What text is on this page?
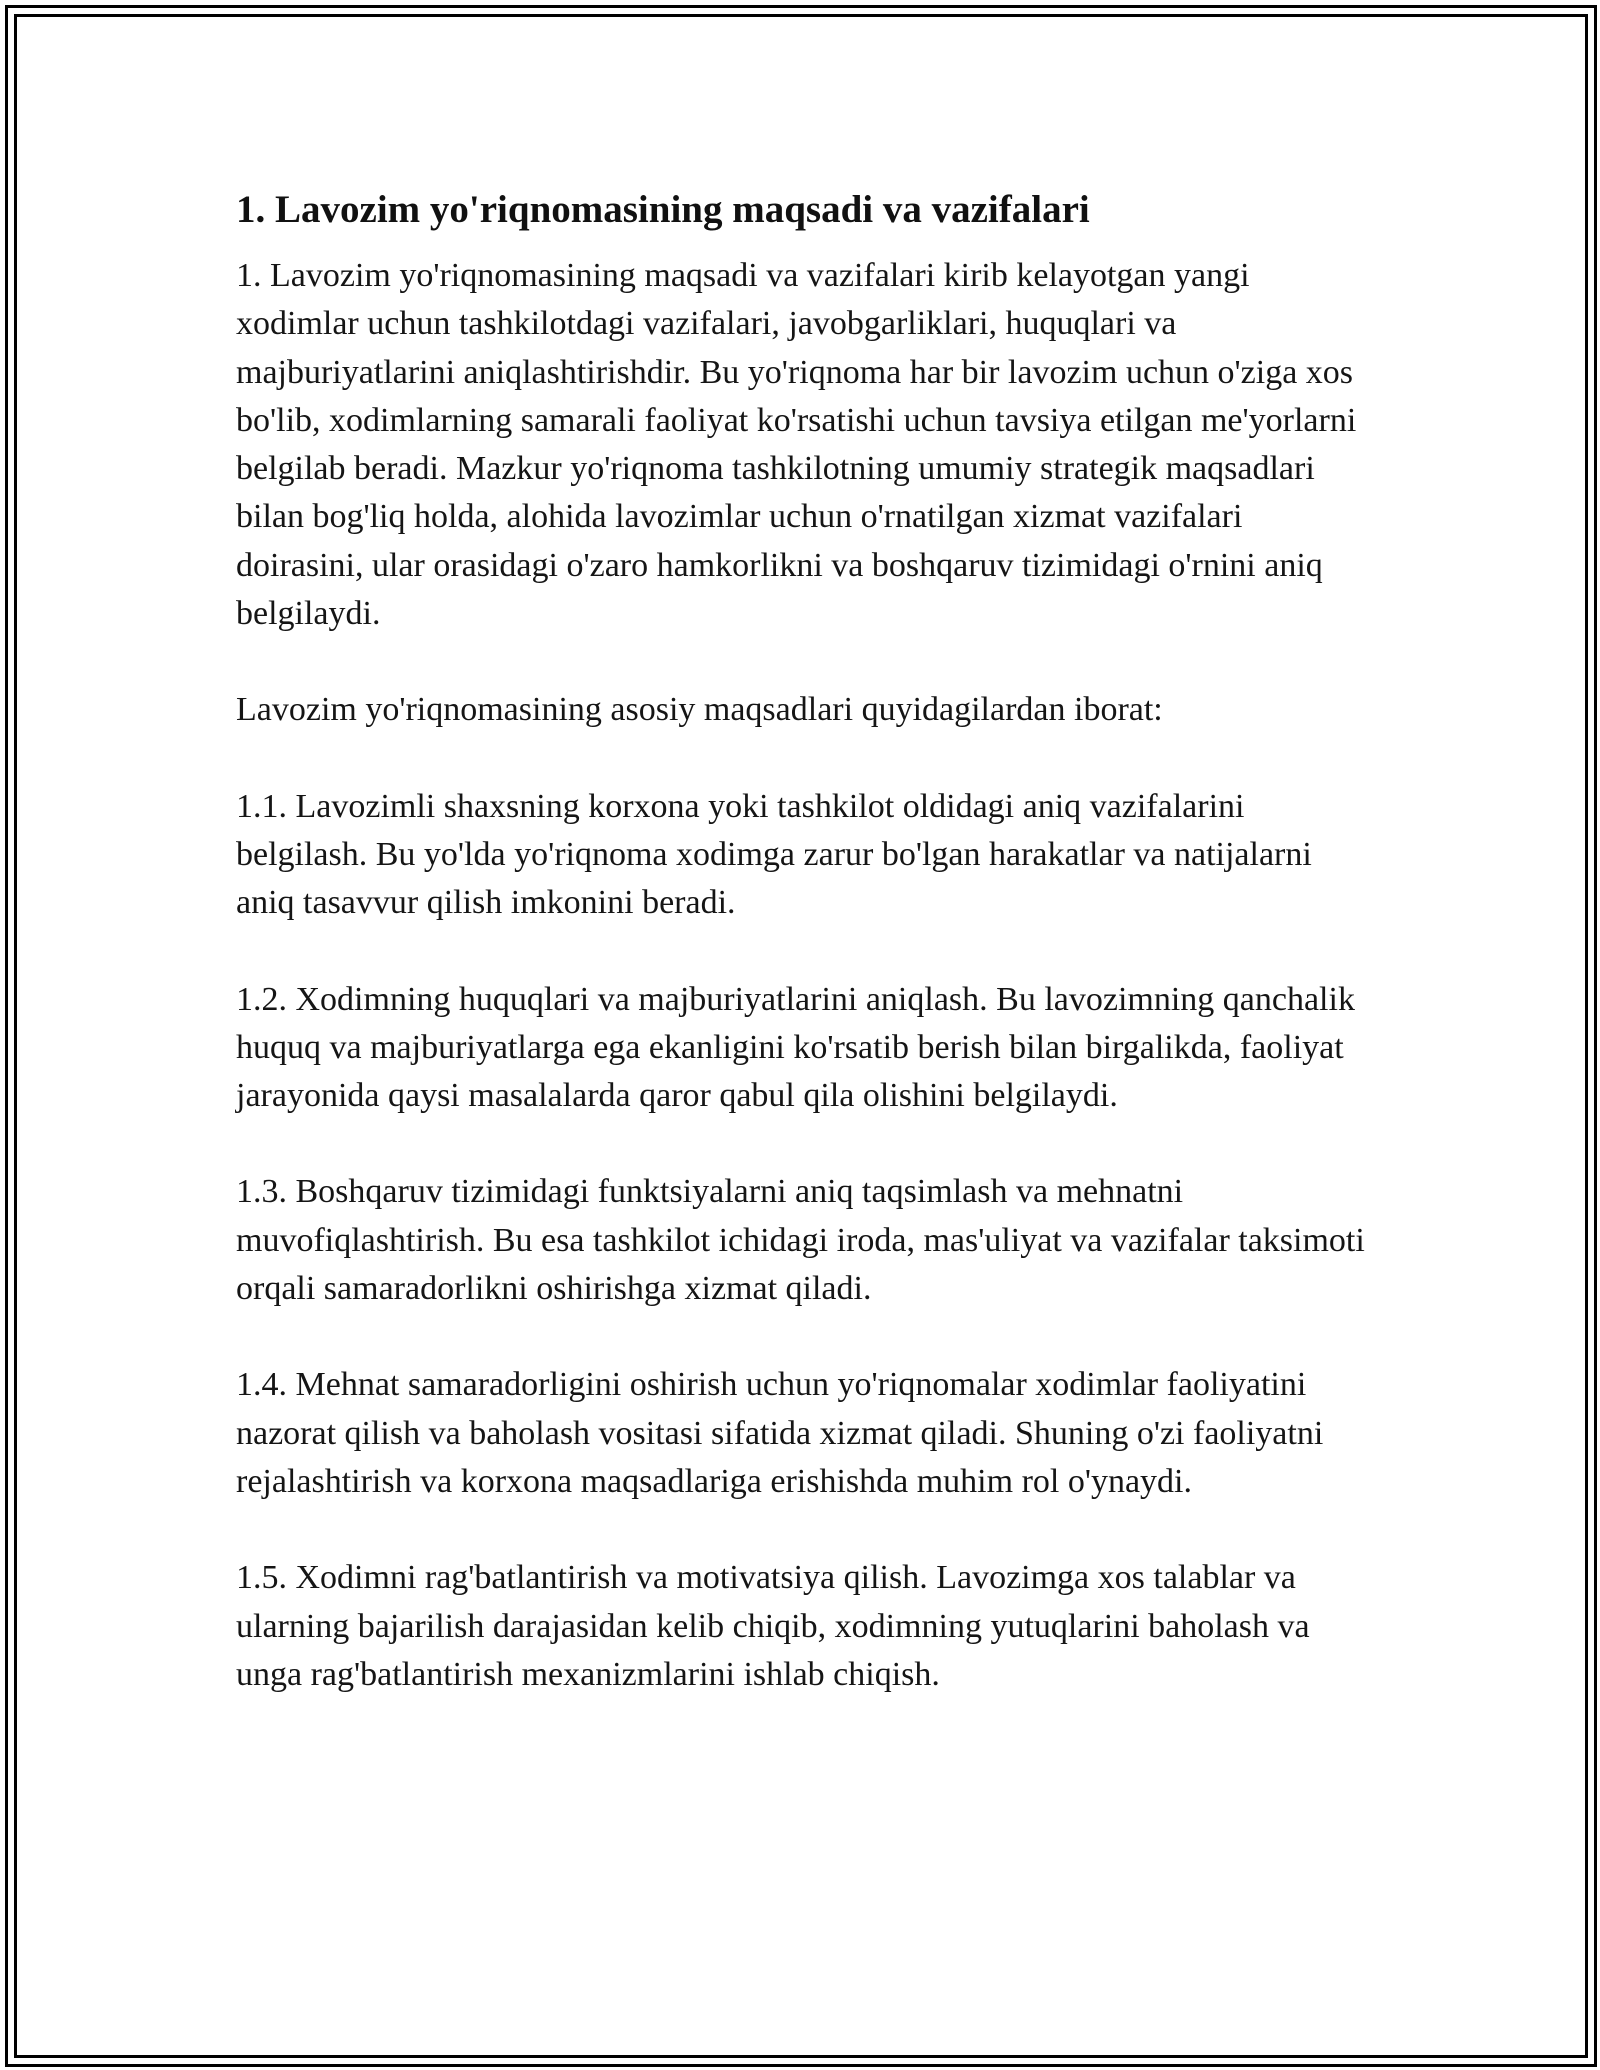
1. Lavozim yo'riqnomasining maqsadi va vazifalari

1. Lavozim yo'riqnomasining maqsadi va vazifalari kirib kelayotgan yangi xodimlar uchun tashkilotdagi vazifalari, javobgarliklari, huquqlari va majburiyatlarini aniqlashtirishdir. Bu yo'riqnoma har bir lavozim uchun o'ziga xos bo'lib, xodimlarning samarali faoliyat ko'rsatishi uchun tavsiya etilgan me'yorlarni belgilab beradi. Mazkur yo'riqnoma tashkilotning umumiy strategik maqsadlari bilan bog'liq holda, alohida lavozimlar uchun o'rnatilgan xizmat vazifalari doirasini, ular orasidagi o'zaro hamkorlikni va boshqaruv tizimidagi o'rnini aniq belgilaydi.

Lavozim yo'riqnomasining asosiy maqsadlari quyidagilardan iborat:

1.1. Lavozimli shaxsning korxona yoki tashkilot oldidagi aniq vazifalarini belgilash. Bu yo'lda yo'riqnoma xodimga zarur bo'lgan harakatlar va natijalarni aniq tasavvur qilish imkonini beradi.

1.2. Xodimning huquqlari va majburiyatlarini aniqlash. Bu lavozimning qanchalik huquq va majburiyatlarga ega ekanligini ko'rsatib berish bilan birgalikda, faoliyat jarayonida qaysi masalalarda qaror qabul qila olishini belgilaydi.

1.3. Boshqaruv tizimidagi funktsiyalarni aniq taqsimlash va mehnatni muvofiqlashtirish. Bu esa tashkilot ichidagi iroda, mas'uliyat va vazifalar taksimoti orqali samaradorlikni oshirishga xizmat qiladi.

1.4. Mehnat samaradorligini oshirish uchun yo'riqnomalar xodimlar faoliyatini nazorat qilish va baholash vositasi sifatida xizmat qiladi. Shuning o'zi faoliyatni rejalashtirish va korxona maqsadlariga erishishda muhim rol o'ynaydi.

1.5. Xodimni rag'batlantirish va motivatsiya qilish. Lavozimga xos talablar va ularning bajarilish darajasidan kelib chiqib, xodimning yutuqlarini baholash va unga rag'batlantirish mexanizmlarini ishlab chiqish.
